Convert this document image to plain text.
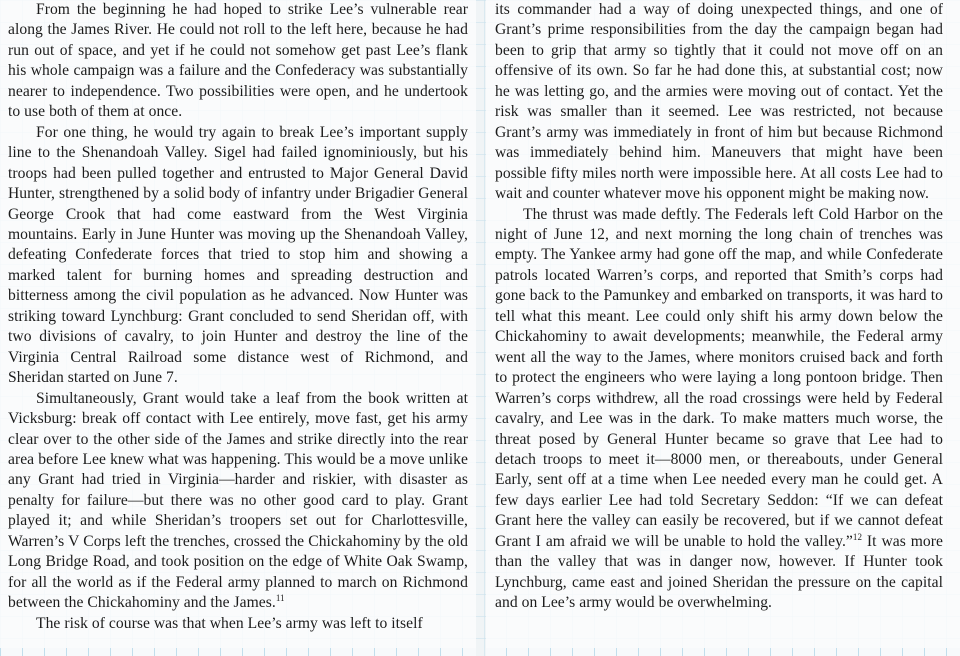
From the beginning he had hoped to strike Lee’s vulnerable rear along the James River. He could not roll to the left here, because he had run out of space, and yet if he could not somehow get past Lee’s flank his whole campaign was a failure and the Confederacy was substantially nearer to independence. Two possibilities were open, and he undertook to use both of them at once.

For one thing, he would try again to break Lee’s important supply line to the Shenandoah Valley. Sigel had failed ignominiously, but his troops had been pulled together and entrusted to Major General David Hunter, strengthened by a solid body of infantry under Brigadier General George Crook that had come eastward from the West Virginia mountains. Early in June Hunter was moving up the Shenandoah Valley, defeating Confederate forces that tried to stop him and showing a marked talent for burning homes and spreading destruction and bitterness among the civil population as he advanced. Now Hunter was striking toward Lynchburg: Grant concluded to send Sheridan off, with two divisions of cavalry, to join Hunter and destroy the line of the Virginia Central Railroad some distance west of Richmond, and Sheridan started on June 7.

Simultaneously, Grant would take a leaf from the book written at Vicksburg: break off contact with Lee entirely, move fast, get his army clear over to the other side of the James and strike directly into the rear area before Lee knew what was happening. This would be a move unlike any Grant had tried in Virginia—harder and riskier, with disaster as penalty for failure—but there was no other good card to play. Grant played it; and while Sheridan’s troopers set out for Charlottesville, Warren’s V Corps left the trenches, crossed the Chickahominy by the old Long Bridge Road, and took position on the edge of White Oak Swamp, for all the world as if the Federal army planned to march on Richmond between the Chickahominy and the James.$^{11}$

The risk of course was that when Lee’s army was left to itself

its commander had a way of doing unexpected things, and one of Grant’s prime responsibilities from the day the campaign began had been to grip that army so tightly that it could not move off on an offensive of its own. So far he had done this, at substantial cost; now he was letting go, and the armies were moving out of contact. Yet the risk was smaller than it seemed. Lee was restricted, not because Grant’s army was immediately in front of him but because Richmond was immediately behind him. Maneuvers that might have been possible fifty miles north were impossible here. At all costs Lee had to wait and counter whatever move his opponent might be making now.

The thrust was made deftly. The Federals left Cold Harbor on the night of June 12, and next morning the long chain of trenches was empty. The Yankee army had gone off the map, and while Confederate patrols located Warren’s corps, and reported that Smith’s corps had gone back to the Pamunkey and embarked on transports, it was hard to tell what this meant. Lee could only shift his army down below the Chickahominy to await developments; meanwhile, the Federal army went all the way to the James, where monitors cruised back and forth to protect the engineers who were laying a long pontoon bridge. Then Warren’s corps withdrew, all the road crossings were held by Federal cavalry, and Lee was in the dark. To make matters much worse, the threat posed by General Hunter became so grave that Lee had to detach troops to meet it—8000 men, or thereabouts, under General Early, sent off at a time when Lee needed every man he could get. A few days earlier Lee had told Secretary Seddon: “If we can defeat Grant here the valley can easily be recovered, but if we cannot defeat Grant I am afraid we will be unable to hold the valley.”$^{12}$ It was more than the valley that was in danger now, however. If Hunter took Lynchburg, came east and joined Sheridan the pressure on the capital and on Lee’s army would be overwhelming.
